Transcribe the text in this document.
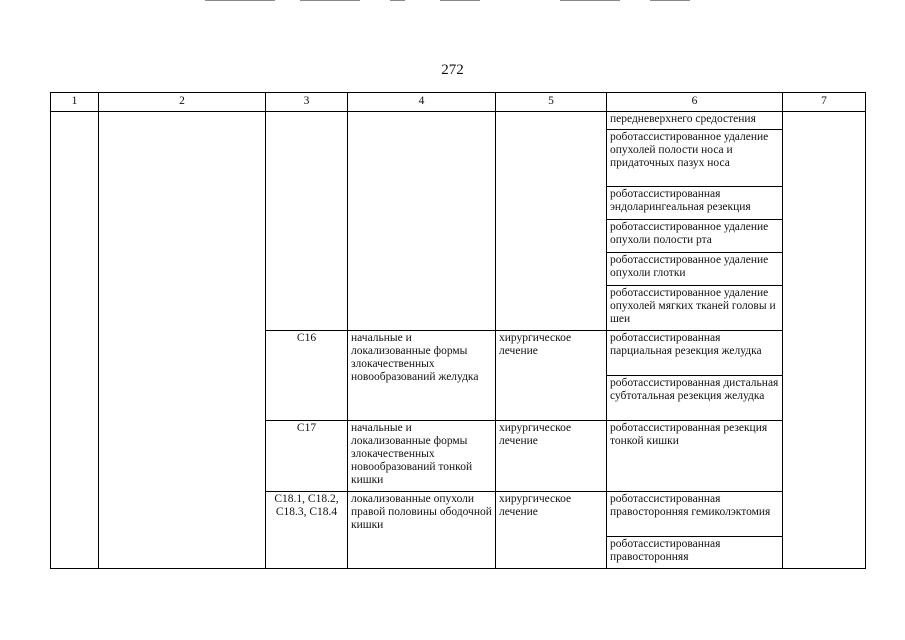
272
1	2	3	4	5	6	7
					передневерхнего средостения	
					роботассистированное удаление опухолей полости носа и придаточных пазух носа	
					роботассистированная эндоларингеальная резекция	
					роботассистированное удаление опухоли полости рта	
					роботассистированное удаление опухоли глотки	
					роботассистированное удаление опухолей мягких тканей головы и шеи	
		C16	начальные и локализованные формы злокачественных новообразований желудка	хирургическое лечение	роботассистированная парциальная резекция желудка	
					роботассистированная дистальная субтотальная резекция желудка	
		C17	начальные и локализованные формы злокачественных новообразований тонкой кишки	хирургическое лечение	роботассистированная резекция тонкой кишки	
		C18.1, C18.2, C18.3, C18.4	локализованные опухоли правой половины ободочной кишки	хирургическое лечение	роботассистированная правосторонняя гемиколэктомия	
					роботассистированная правосторонняя	
